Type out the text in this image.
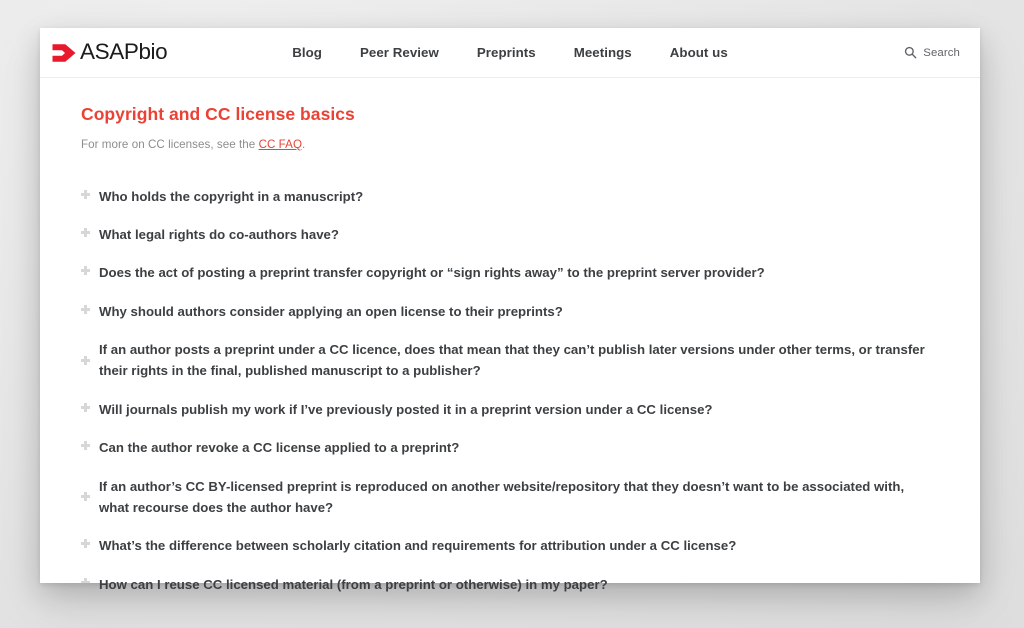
ASAPbio	Blog	Peer Review	Preprints	Meetings	About us	Search
Copyright and CC license basics

For more on CC licenses, see the CC FAQ.

Who holds the copyright in a manuscript?
What legal rights do co-authors have?
Does the act of posting a preprint transfer copyright or “sign rights away” to the preprint server provider?
Why should authors consider applying an open license to their preprints?
If an author posts a preprint under a CC licence, does that mean that they can’t publish later versions under other terms, or transfer their rights in the final, published manuscript to a publisher?
Will journals publish my work if I’ve previously posted it in a preprint version under a CC license?
Can the author revoke a CC license applied to a preprint?
If an author’s CC BY-licensed preprint is reproduced on another website/repository that they doesn’t want to be associated with, what recourse does the author have?
What’s the difference between scholarly citation and requirements for attribution under a CC license?
How can I reuse CC licensed material (from a preprint or otherwise) in my paper?
